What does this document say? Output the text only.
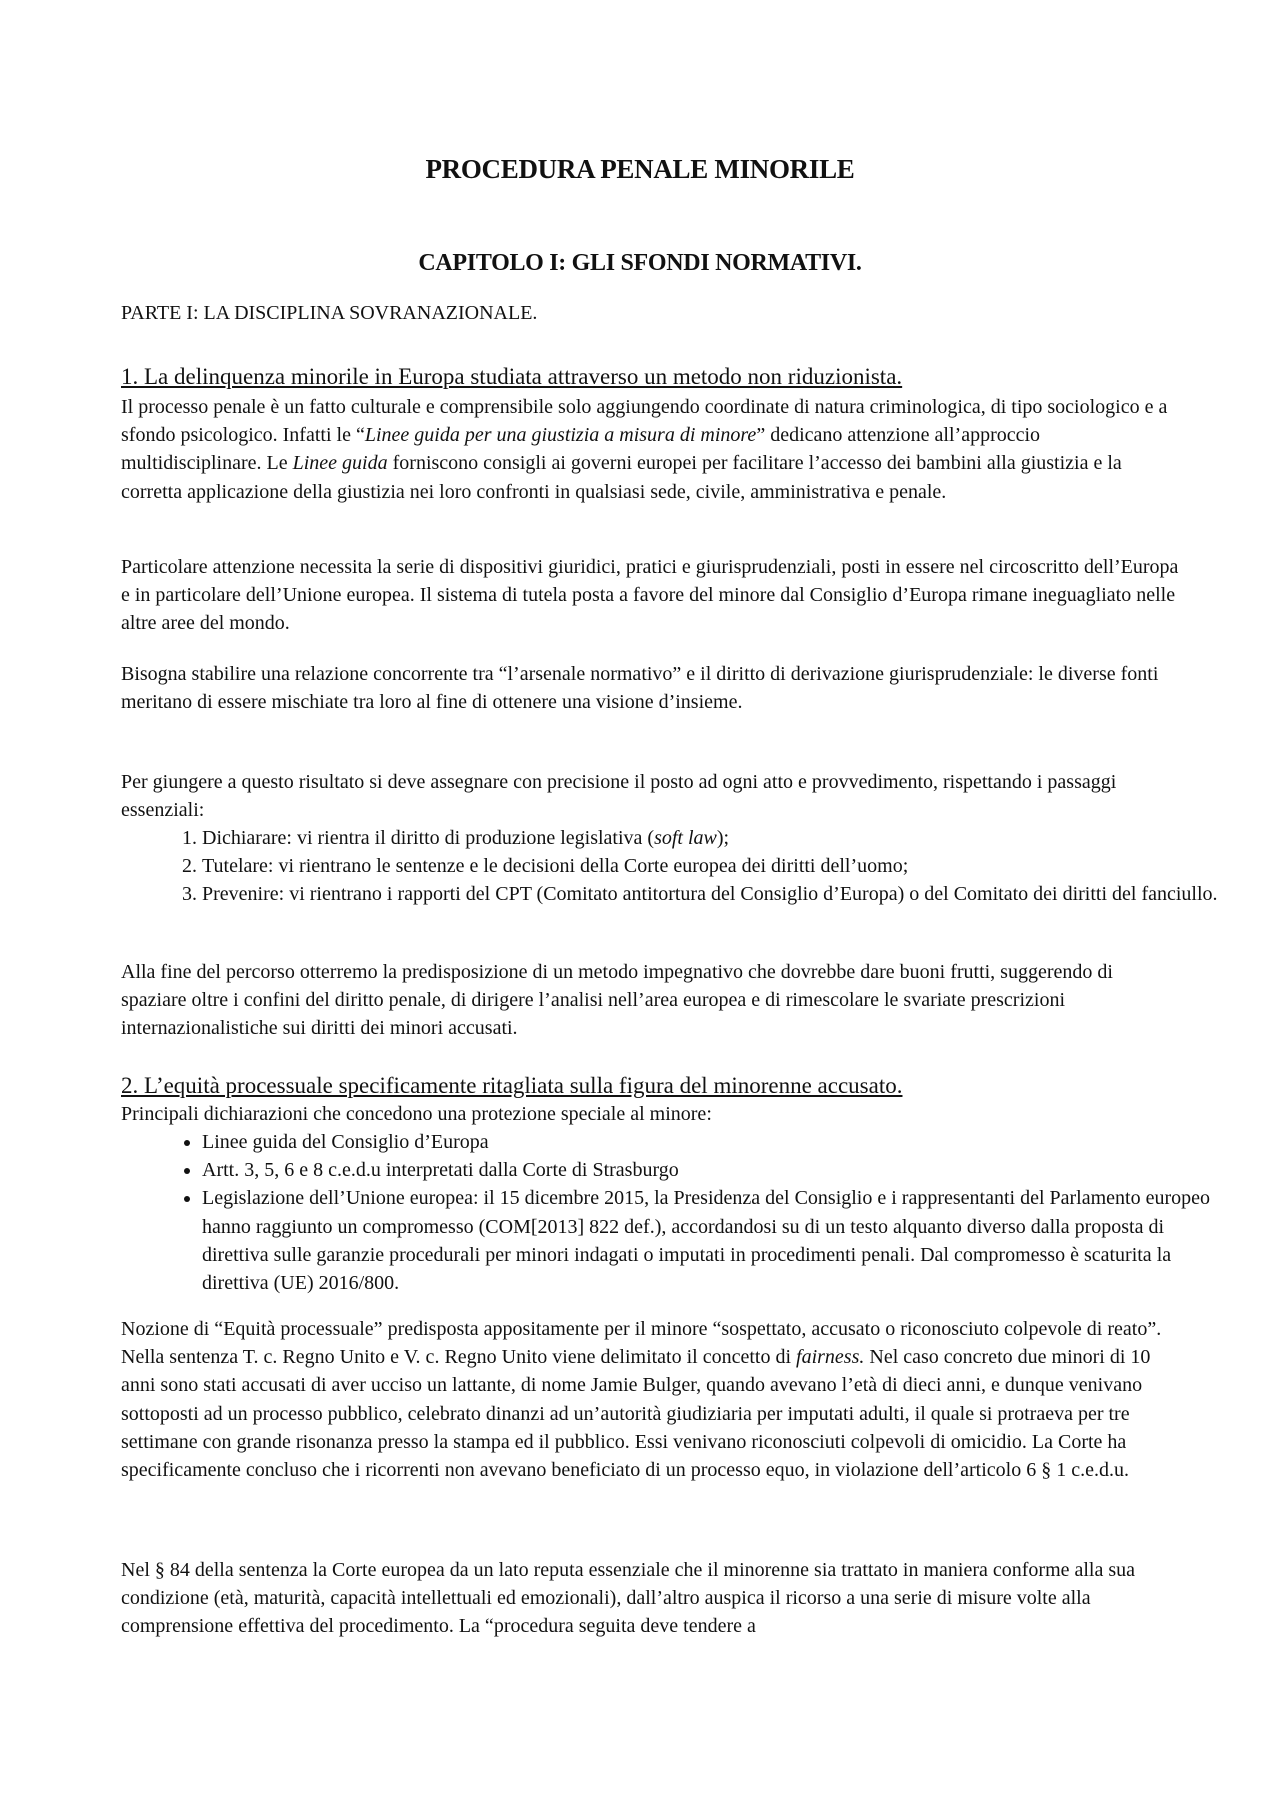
PROCEDURA PENALE MINORILE
CAPITOLO I: GLI SFONDI NORMATIVI.

PARTE I: LA DISCIPLINA SOVRANAZIONALE.

1. La delinquenza minorile in Europa studiata attraverso un metodo non riduzionista.

Il processo penale è un fatto culturale e comprensibile solo aggiungendo coordinate di natura criminologica, di tipo sociologico e a sfondo psicologico. Infatti le “Linee guida per una giustizia a misura di minore” dedicano attenzione all’approccio multidisciplinare. Le Linee guida forniscono consigli ai governi europei per facilitare l’accesso dei bambini alla giustizia e la corretta applicazione della giustizia nei loro confronti in qualsiasi sede, civile, amministrativa e penale.

Particolare attenzione necessita la serie di dispositivi giuridici, pratici e giurisprudenziali, posti in essere nel circoscritto dell’Europa e in particolare dell’Unione europea. Il sistema di tutela posta a favore del minore dal Consiglio d’Europa rimane ineguagliato nelle altre aree del mondo.

Bisogna stabilire una relazione concorrente tra “l’arsenale normativo” e il diritto di derivazione giurisprudenziale: le diverse fonti meritano di essere mischiate tra loro al fine di ottenere una visione d’insieme.

Per giungere a questo risultato si deve assegnare con precisione il posto ad ogni atto e provvedimento, rispettando i passaggi essenziali:

1. Dichiarare: vi rientra il diritto di produzione legislativa (soft law);
2. Tutelare: vi rientrano le sentenze e le decisioni della Corte europea dei diritti dell’uomo;
3. Prevenire: vi rientrano i rapporti del CPT (Comitato antitortura del Consiglio d’Europa) o del Comitato dei diritti del fanciullo.

Alla fine del percorso otterremo la predisposizione di un metodo impegnativo che dovrebbe dare buoni frutti, suggerendo di spaziare oltre i confini del diritto penale, di dirigere l’analisi nell’area europea e di rimescolare le svariate prescrizioni internazionalistiche sui diritti dei minori accusati.

2. L’equità processuale specificamente ritagliata sulla figura del minorenne accusato.

Principali dichiarazioni che concedono una protezione speciale al minore:

• Linee guida del Consiglio d’Europa
• Artt. 3, 5, 6 e 8 c.e.d.u interpretati dalla Corte di Strasburgo
• Legislazione dell’Unione europea: il 15 dicembre 2015, la Presidenza del Consiglio e i rappresentanti del Parlamento europeo hanno raggiunto un compromesso (COM[2013] 822 def.), accordandosi su di un testo alquanto diverso dalla proposta di direttiva sulle garanzie procedurali per minori indagati o imputati in procedimenti penali. Dal compromesso è scaturita la direttiva (UE) 2016/800.

Nozione di “Equità processuale” predisposta appositamente per il minore “sospettato, accusato o riconosciuto colpevole di reato”. Nella sentenza T. c. Regno Unito e V. c. Regno Unito viene delimitato il concetto di fairness. Nel caso concreto due minori di 10 anni sono stati accusati di aver ucciso un lattante, di nome Jamie Bulger, quando avevano l’età di dieci anni, e dunque venivano sottoposti ad un processo pubblico, celebrato dinanzi ad un’autorità giudiziaria per imputati adulti, il quale si protraeva per tre settimane con grande risonanza presso la stampa ed il pubblico. Essi venivano riconosciuti colpevoli di omicidio. La Corte ha specificamente concluso che i ricorrenti non avevano beneficiato di un processo equo, in violazione dell’articolo 6 § 1 c.e.d.u.

Nel § 84 della sentenza la Corte europea da un lato reputa essenziale che il minorenne sia trattato in maniera conforme alla sua condizione (età, maturità, capacità intellettuali ed emozionali), dall’altro auspica il ricorso a una serie di misure volte alla comprensione effettiva del procedimento. La “procedura seguita deve tendere a
